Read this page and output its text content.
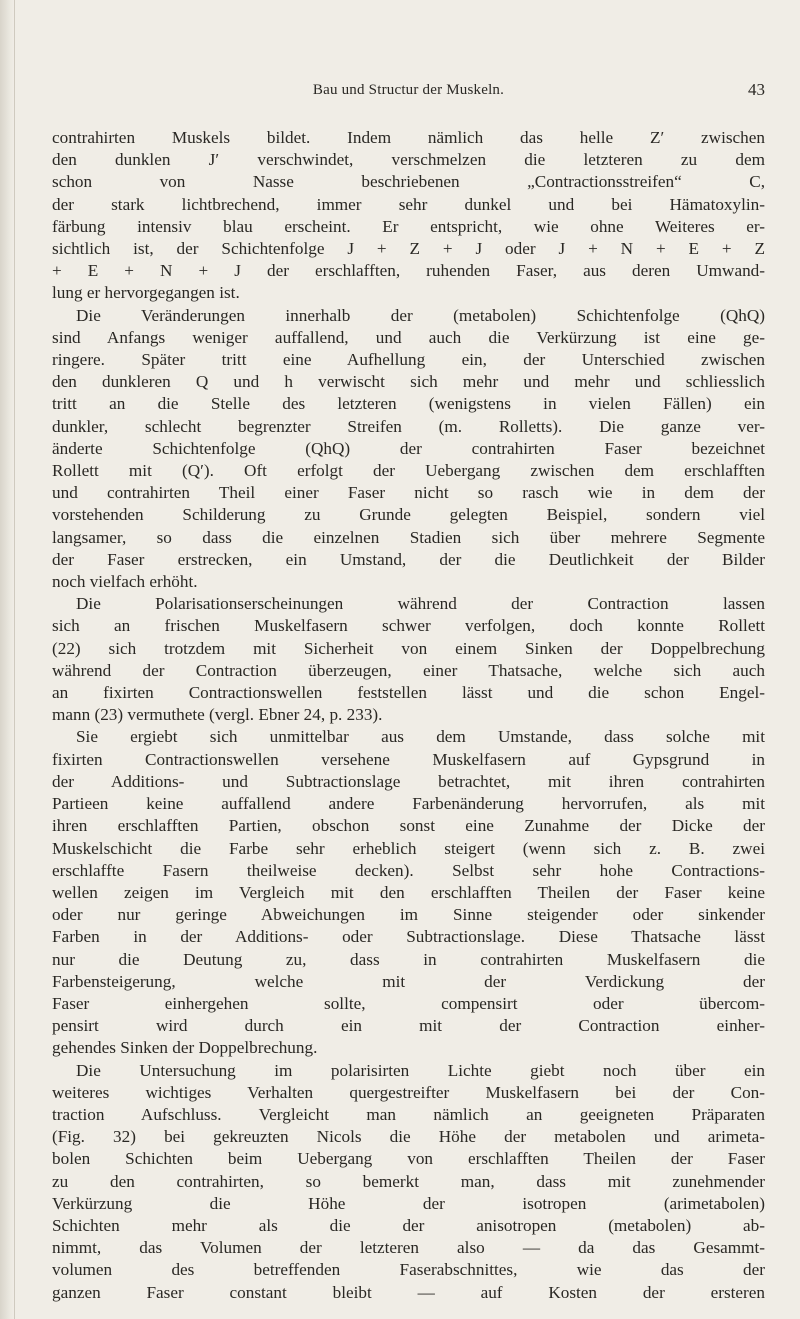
Bau und Structur der Muskeln.	43
contrahirten Muskels bildet. Indem nämlich das helle Z′ zwischen
den dunklen J′ verschwindet, verschmelzen die letzteren zu dem
schon von Nasse beschriebenen „Contractionsstreifen“ C,
der stark lichtbrechend, immer sehr dunkel und bei Hämatoxylin-
färbung intensiv blau erscheint. Er entspricht, wie ohne Weiteres er-
sichtlich ist, der Schichtenfolge J + Z + J oder J + N + E + Z
+ E + N + J der erschlafften, ruhenden Faser, aus deren Umwand-
lung er hervorgegangen ist.
Die Veränderungen innerhalb der (metabolen) Schichtenfolge (QhQ)
sind Anfangs weniger auffallend, und auch die Verkürzung ist eine ge-
ringere. Später tritt eine Aufhellung ein, der Unterschied zwischen
den dunkleren Q und h verwischt sich mehr und mehr und schliesslich
tritt an die Stelle des letzteren (wenigstens in vielen Fällen) ein
dunkler, schlecht begrenzter Streifen (m. Rolletts). Die ganze ver-
änderte Schichtenfolge (QhQ) der contrahirten Faser bezeichnet
Rollett mit (Q′). Oft erfolgt der Uebergang zwischen dem erschlafften
und contrahirten Theil einer Faser nicht so rasch wie in dem der
vorstehenden Schilderung zu Grunde gelegten Beispiel, sondern viel
langsamer, so dass die einzelnen Stadien sich über mehrere Segmente
der Faser erstrecken, ein Umstand, der die Deutlichkeit der Bilder
noch vielfach erhöht.
Die Polarisationserscheinungen während der Contraction lassen
sich an frischen Muskelfasern schwer verfolgen, doch konnte Rollett
(22) sich trotzdem mit Sicherheit von einem Sinken der Doppelbrechung
während der Contraction überzeugen, einer Thatsache, welche sich auch
an fixirten Contractionswellen feststellen lässt und die schon Engel-
mann (23) vermuthete (vergl. Ebner 24, p. 233).
Sie ergiebt sich unmittelbar aus dem Umstande, dass solche mit
fixirten Contractionswellen versehene Muskelfasern auf Gypsgrund in
der Additions- und Subtractionslage betrachtet, mit ihren contrahirten
Partieen keine auffallend andere Farbenänderung hervorrufen, als mit
ihren erschlafften Partien, obschon sonst eine Zunahme der Dicke der
Muskelschicht die Farbe sehr erheblich steigert (wenn sich z. B. zwei
erschlaffte Fasern theilweise decken). Selbst sehr hohe Contractions-
wellen zeigen im Vergleich mit den erschlafften Theilen der Faser keine
oder nur geringe Abweichungen im Sinne steigender oder sinkender
Farben in der Additions- oder Subtractionslage. Diese Thatsache lässt
nur die Deutung zu, dass in contrahirten Muskelfasern die
Farbensteigerung, welche mit der Verdickung der
Faser einhergehen sollte, compensirt oder übercom-
pensirt wird durch ein mit der Contraction einher-
gehendes Sinken der Doppelbrechung.
Die Untersuchung im polarisirten Lichte giebt noch über ein
weiteres wichtiges Verhalten quergestreifter Muskelfasern bei der Con-
traction Aufschluss. Vergleicht man nämlich an geeigneten Präparaten
(Fig. 32) bei gekreuzten Nicols die Höhe der metabolen und arimeta-
bolen Schichten beim Uebergang von erschlafften Theilen der Faser
zu den contrahirten, so bemerkt man, dass mit zunehmender
Verkürzung die Höhe der isotropen (arimetabolen)
Schichten mehr als die der anisotropen (metabolen) ab-
nimmt, das Volumen der letzteren also — da das Gesammt-
volumen des betreffenden Faserabschnittes, wie das der
ganzen Faser constant bleibt — auf Kosten der ersteren
